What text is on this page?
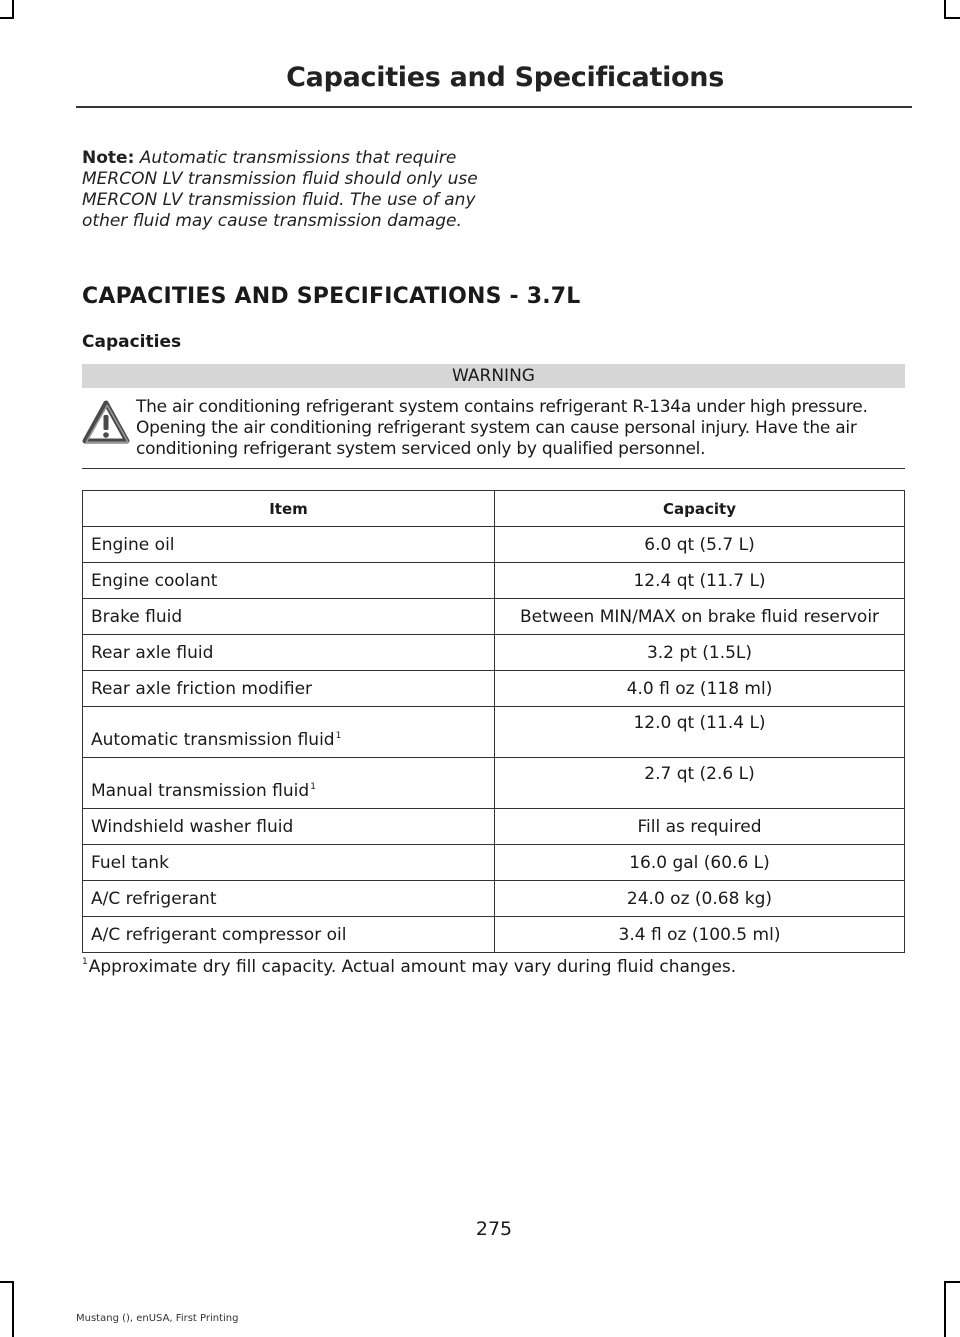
Capacities and Specifications
Note: Automatic transmissions that require MERCON LV transmission fluid should only use MERCON LV transmission fluid. The use of any other fluid may cause transmission damage.
CAPACITIES AND SPECIFICATIONS - 3.7L
Capacities
WARNING
The air conditioning refrigerant system contains refrigerant R-134a under high pressure. Opening the air conditioning refrigerant system can cause personal injury. Have the air conditioning refrigerant system serviced only by qualified personnel.
Item	Capacity
Engine oil	6.0 qt (5.7 L)
Engine coolant	12.4 qt (11.7 L)
Brake fluid	Between MIN/MAX on brake fluid reservoir
Rear axle fluid	3.2 pt (1.5L)
Rear axle friction modifier	4.0 fl oz (118 ml)
Automatic transmission fluid$^1$	12.0 qt (11.4 L)
Manual transmission fluid$^1$	2.7 qt (2.6 L)
Windshield washer fluid	Fill as required
Fuel tank	16.0 gal (60.6 L)
A/C refrigerant	24.0 oz (0.68 kg)
A/C refrigerant compressor oil	3.4 fl oz (100.5 ml)
$^1$Approximate dry fill capacity. Actual amount may vary during fluid changes.
275
Mustang (), enUSA, First Printing
